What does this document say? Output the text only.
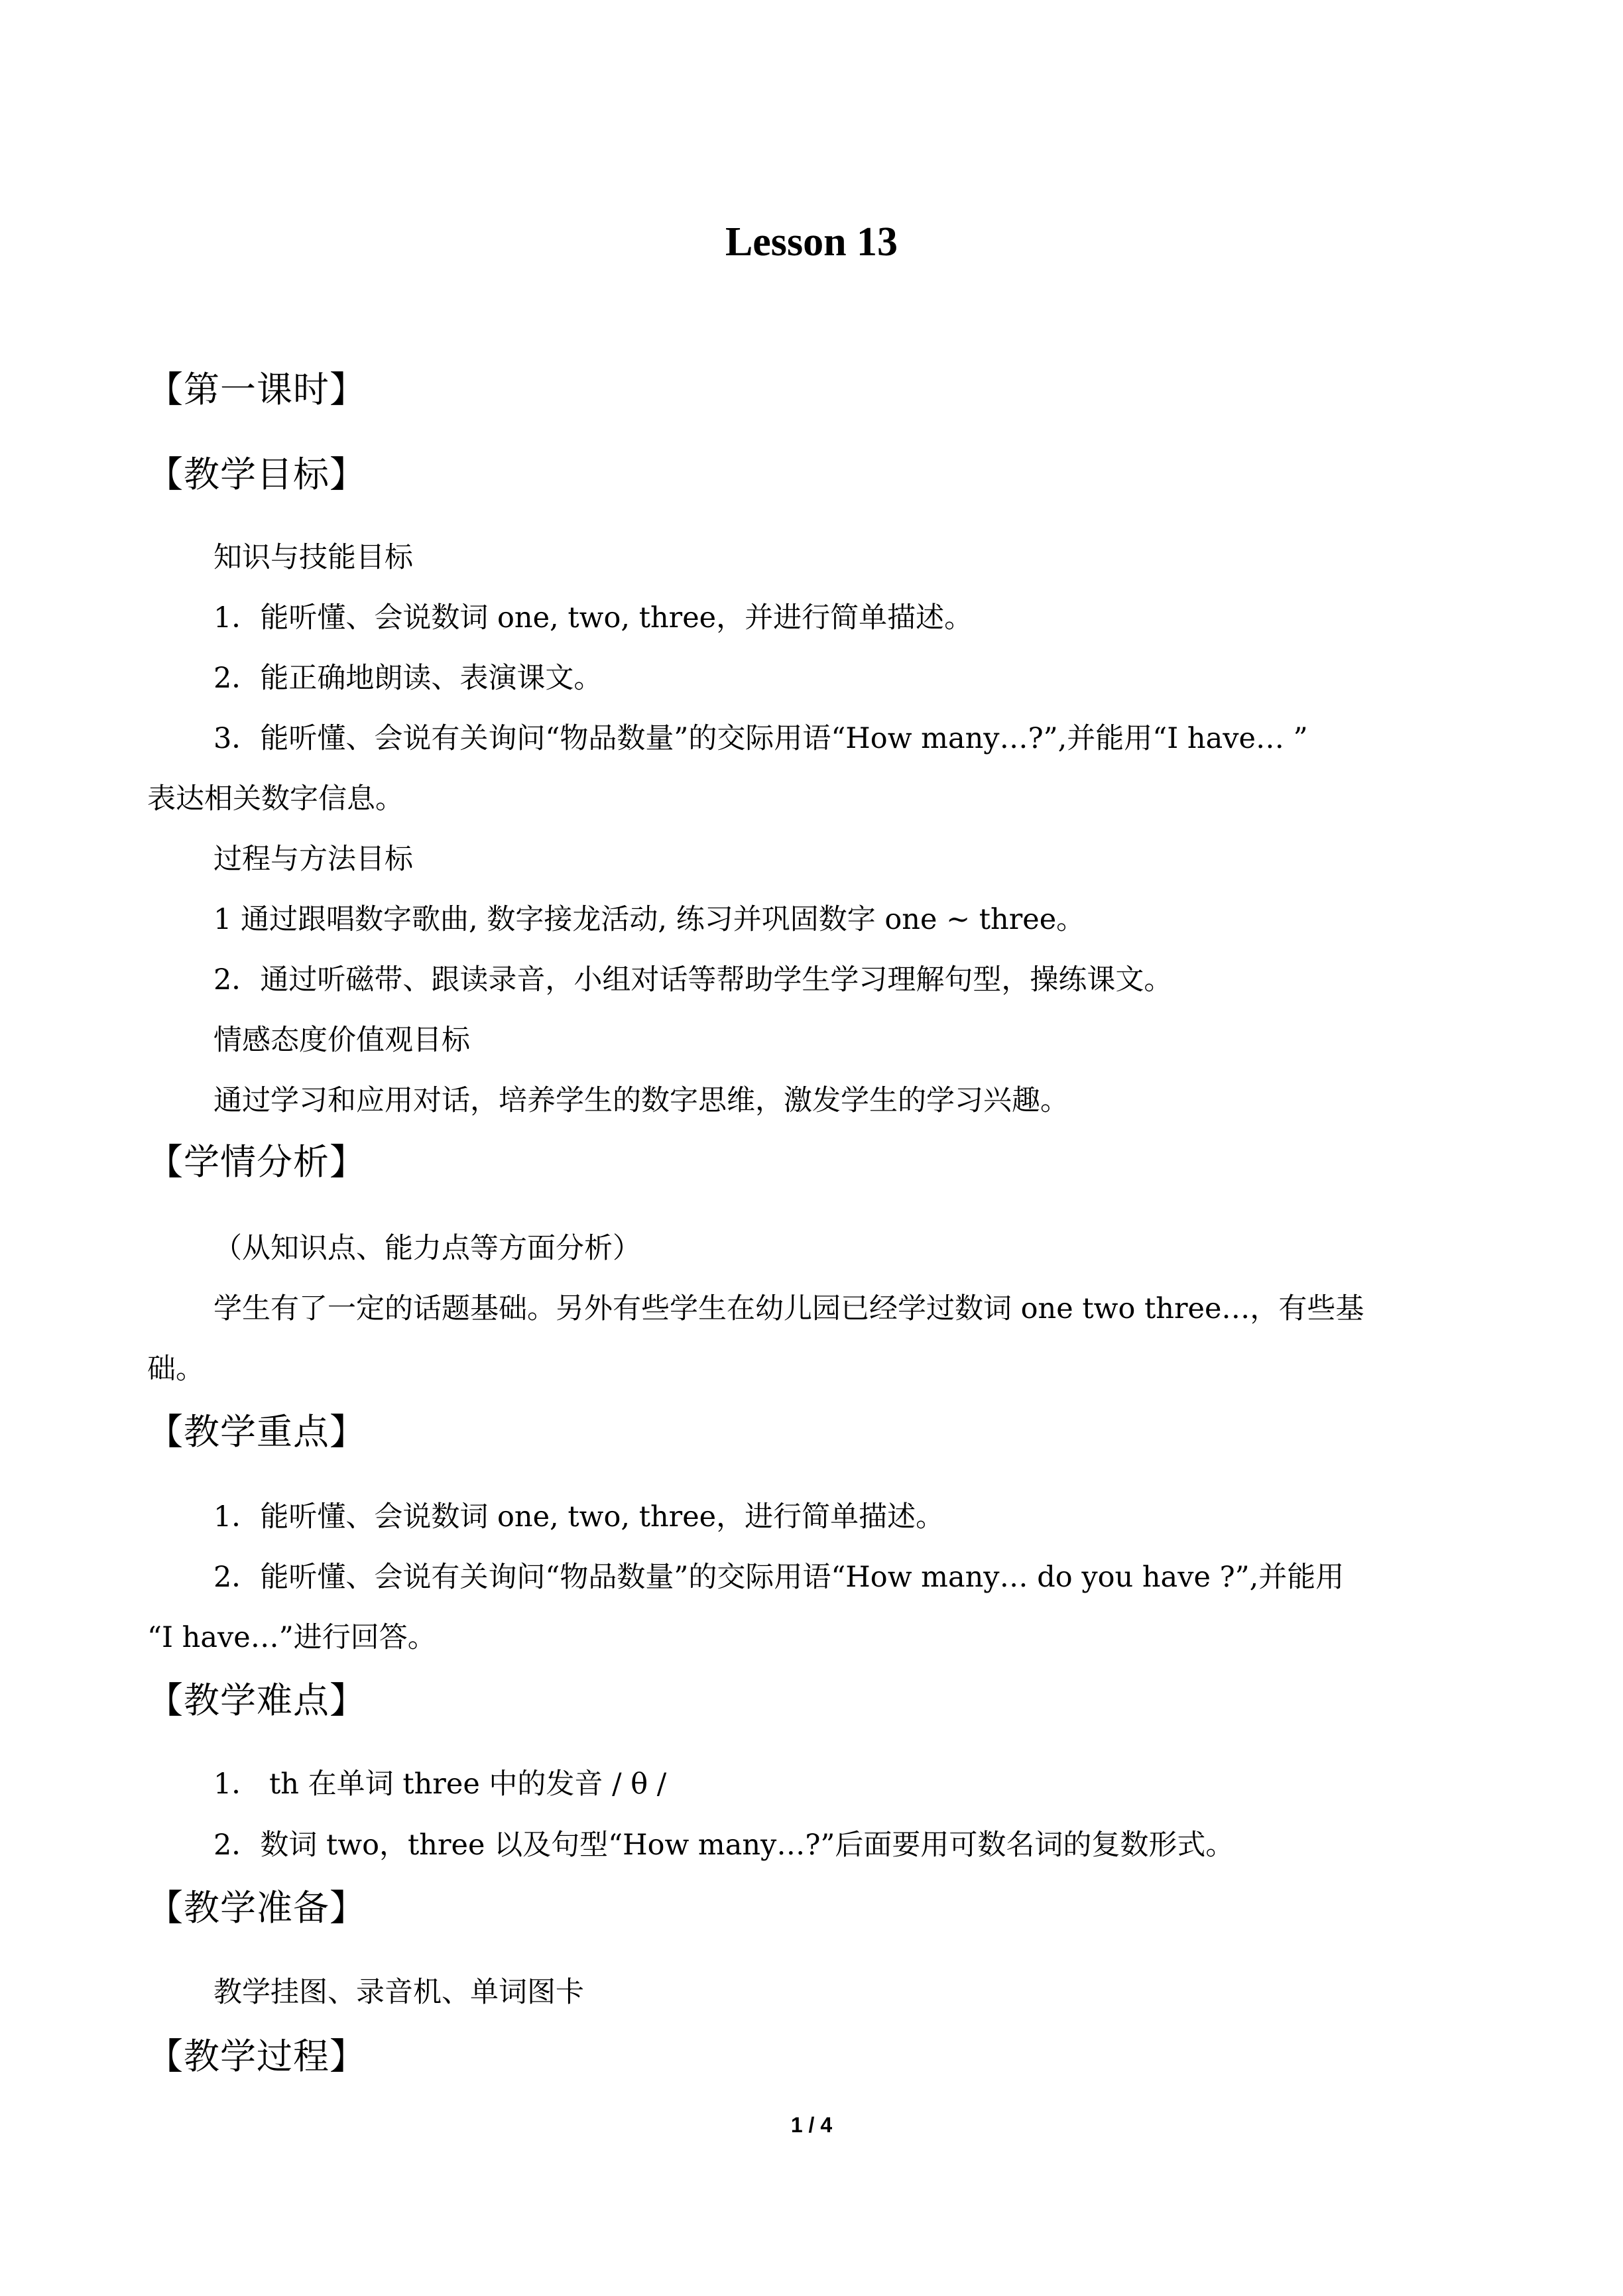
Lesson 13
【第一课时】
【教学目标】
知识与技能目标
1．能听懂、会说数词 one, two, three，并进行简单描述。
2．能正确地朗读、表演课文。
3．能听懂、会说有关询问“物品数量”的交际用语“How many…?”,并能用“I have… ”
表达相关数字信息。
过程与方法目标
1 通过跟唱数字歌曲, 数字接龙活动, 练习并巩固数字 one ~ three。
2．通过听磁带、跟读录音，小组对话等帮助学生学习理解句型，操练课文。
情感态度价值观目标
通过学习和应用对话，培养学生的数字思维，激发学生的学习兴趣。
【学情分析】
（从知识点、能力点等方面分析）
学生有了一定的话题基础。另外有些学生在幼儿园已经学过数词 one two three…，有些基
础。
【教学重点】
1．能听懂、会说数词 one, two, three，进行简单描述。
2．能听懂、会说有关询问“物品数量”的交际用语“How many… do you have ?”,并能用
“I have…”进行回答。
【教学难点】
1． th 在单词 three 中的发音 / θ /
2．数词 two，three 以及句型“How many…?”后面要用可数名词的复数形式。
【教学准备】
教学挂图、录音机、单词图卡
【教学过程】
1 / 4
